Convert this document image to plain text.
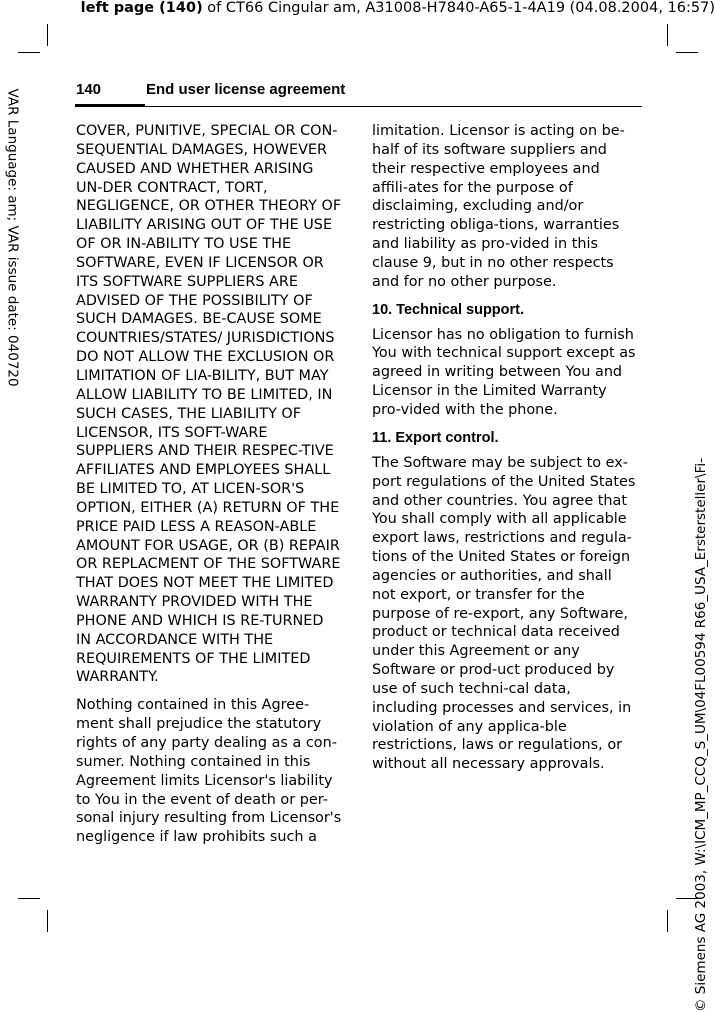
left page (140) of CT66 Cingular am, A31008-H7840-A65-1-4A19 (04.08.2004, 16:57)
VAR Language: am; VAR issue date: 040720
© Siemens AG 2003, W:\ICM_MP_CCQ_S_UM\04FL00594 R66_USA_Erstersteller\Fi-
140	End user license agreement

COVER, PUNITIVE, SPECIAL OR CON-SEQUENTIAL DAMAGES, HOWEVER CAUSED AND WHETHER ARISING UN-DER CONTRACT, TORT, NEGLIGENCE, OR OTHER THEORY OF LIABILITY ARISING OUT OF THE USE OF OR IN-ABILITY TO USE THE SOFTWARE, EVEN IF LICENSOR OR ITS SOFTWARE SUPPLIERS ARE ADVISED OF THE POSSIBILITY OF SUCH DAMAGES. BE-CAUSE SOME COUNTRIES/STATES/ JURISDICTIONS DO NOT ALLOW THE EXCLUSION OR LIMITATION OF LIA-BILITY, BUT MAY ALLOW LIABILITY TO BE LIMITED, IN SUCH CASES, THE LIABILITY OF LICENSOR, ITS SOFT-WARE SUPPLIERS AND THEIR RESPEC-TIVE AFFILIATES AND EMPLOYEES SHALL BE LIMITED TO, AT LICEN-SOR'S OPTION, EITHER (A) RETURN OF THE PRICE PAID LESS A REASON-ABLE AMOUNT FOR USAGE, OR (B) REPAIR OR REPLACMENT OF THE SOFTWARE THAT DOES NOT MEET THE LIMITED WARRANTY PROVIDED WITH THE PHONE AND WHICH IS RE-TURNED IN ACCORDANCE WITH THE REQUIREMENTS OF THE LIMITED WARRANTY.

Nothing contained in this Agree-ment shall prejudice the statutory rights of any party dealing as a con-sumer. Nothing contained in this Agreement limits Licensor's liability to You in the event of death or per-sonal injury resulting from Licensor's negligence if law prohibits such a

limitation. Licensor is acting on be-half of its software suppliers and their respective employees and affili-ates for the purpose of disclaiming, excluding and/or restricting obliga-tions, warranties and liability as pro-vided in this clause 9, but in no other respects and for no other purpose.

10. Technical support.

Licensor has no obligation to furnish You with technical support except as agreed in writing between You and Licensor in the Limited Warranty pro-vided with the phone.

11. Export control.

The Software may be subject to ex-port regulations of the United States and other countries. You agree that You shall comply with all applicable export laws, restrictions and regula-tions of the United States or foreign agencies or authorities, and shall not export, or transfer for the purpose of re-export, any Software, product or technical data received under this Agreement or any Software or prod-uct produced by use of such techni-cal data, including processes and services, in violation of any applica-ble restrictions, laws or regulations, or without all necessary approvals.
